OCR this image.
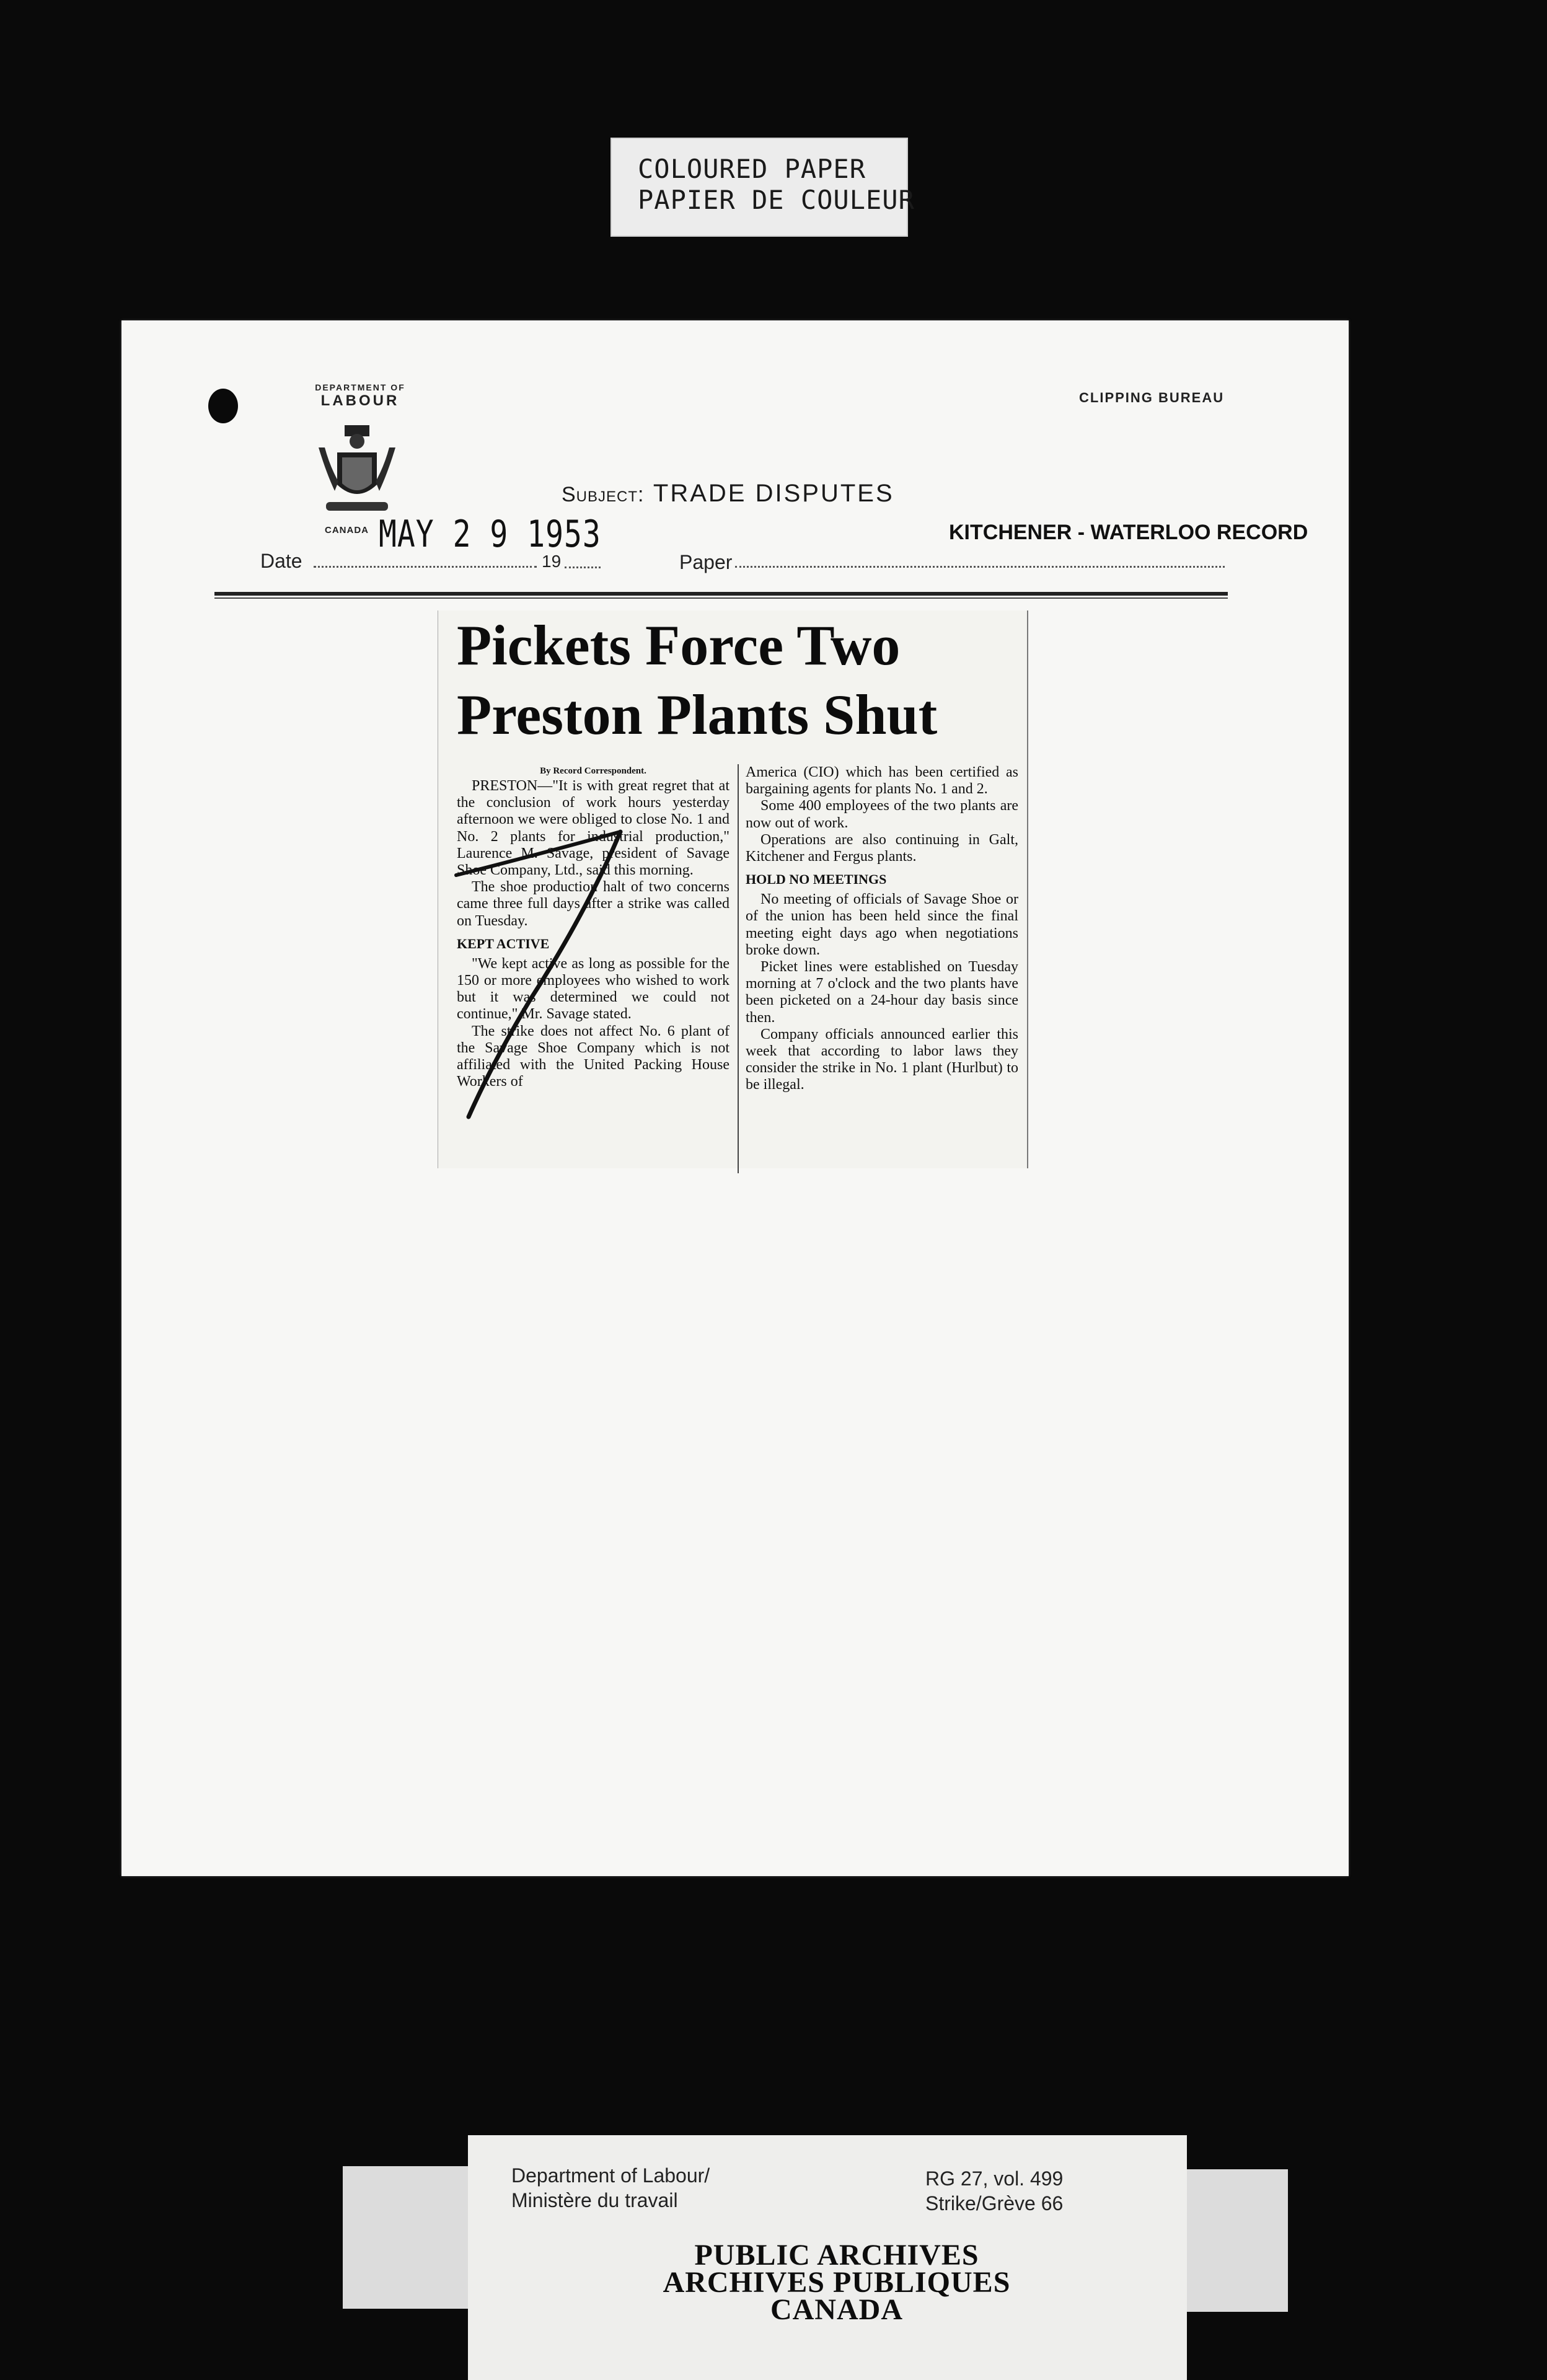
COLOURED PAPER
PAPIER DE COULEUR
DEPARTMENT OF
LABOUR
CANADA
CLIPPING BUREAU
Subject: TRADE DISPUTES
MAY 2 9 1953	KITCHENER - WATERLOO RECORD
Date	19	Paper
Pickets Force Two
Preston Plants Shut

By Record Correspondent.

PRESTON—"It is with great regret that at the conclusion of work hours yesterday afternoon we were obliged to close No. 1 and No. 2 plants for industrial production," Laurence M. Savage, president of Savage Shoe Company, Ltd., said this morning.

The shoe production halt of two concerns came three full days after a strike was called on Tuesday.

KEPT ACTIVE

"We kept active as long as possible for the 150 or more employees who wished to work but it was determined we could not continue," Mr. Savage stated.

The strike does not affect No. 6 plant of the Savage Shoe Company which is not affiliated with the United Packing House Workers of

America (CIO) which has been certified as bargaining agents for plants No. 1 and 2.

Some 400 employees of the two plants are now out of work.

Operations are also continuing in Galt, Kitchener and Fergus plants.

HOLD NO MEETINGS

No meeting of officials of Savage Shoe or of the union has been held since the final meeting eight days ago when negotiations broke down.

Picket lines were established on Tuesday morning at 7 o'clock and the two plants have been picketed on a 24-hour day basis since then.

Company officials announced earlier this week that according to labor laws they consider the strike in No. 1 plant (Hurlbut) to be illegal.

Department of Labour/
Ministère du travail
RG 27, vol. 499
Strike/Grève 66
PUBLIC ARCHIVES
ARCHIVES PUBLIQUES
CANADA
